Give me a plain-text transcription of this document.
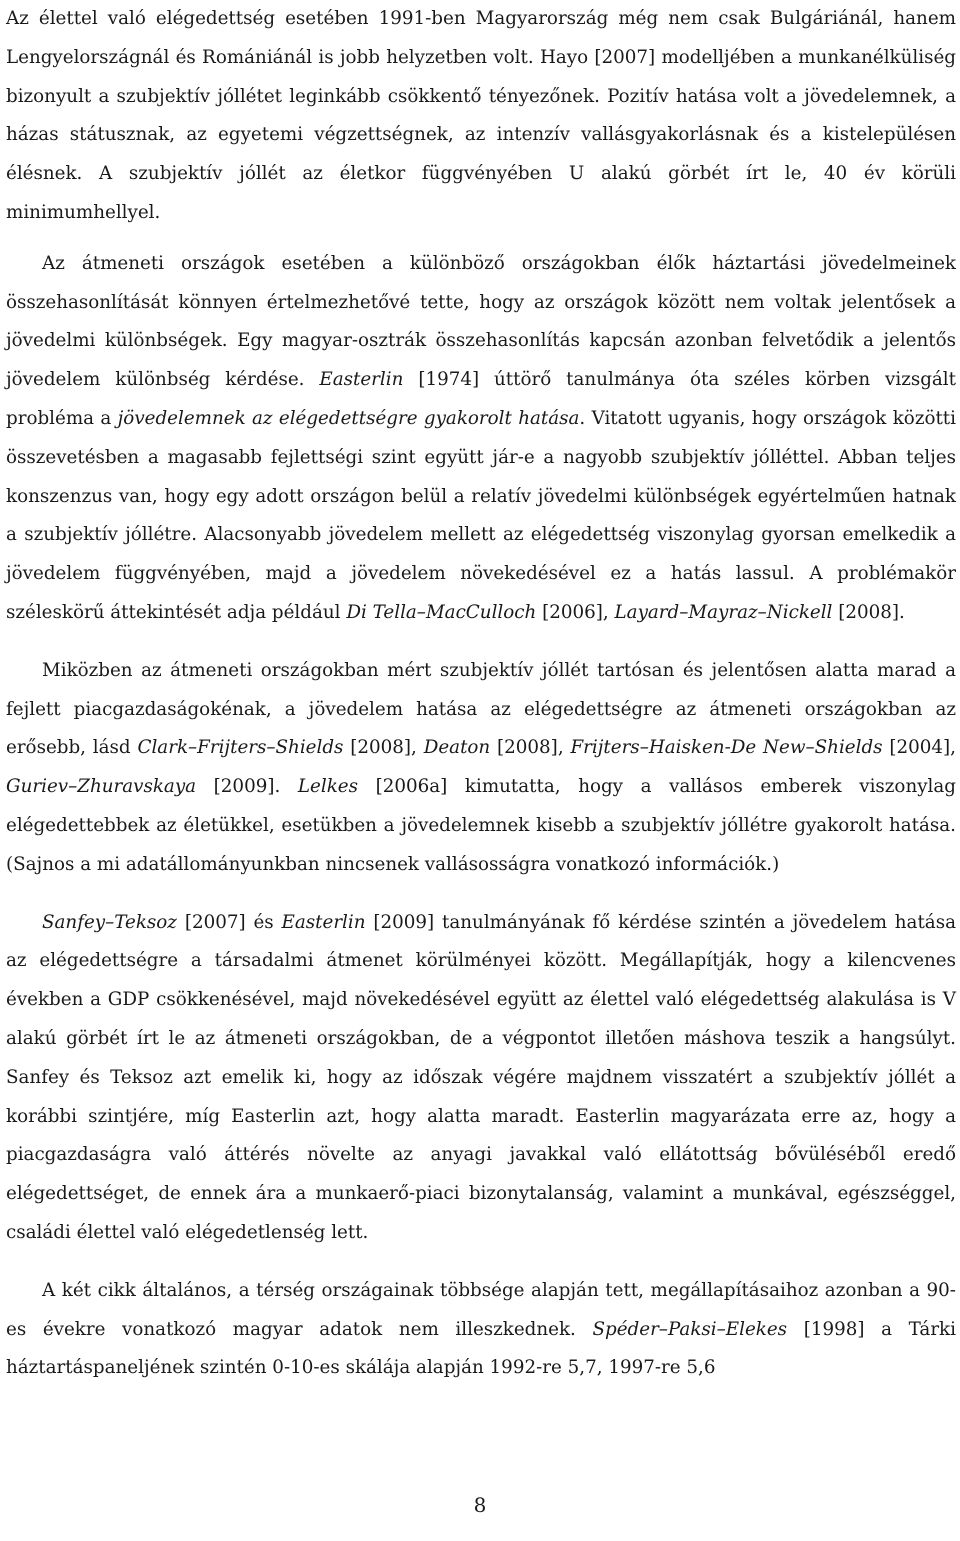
Az élettel való elégedettség esetében 1991-ben Magyarország még nem csak Bulgáriánál, hanem Lengyelországnál és Romániánál is jobb helyzetben volt. Hayo [2007] modelljében a munkanélküliség bizonyult a szubjektív jóllétet leginkább csökkentő tényezőnek. Pozitív hatása volt a jövedelemnek, a házas státusznak, az egyetemi végzettségnek, az intenzív vallásgyakorlásnak és a kistelepülésen élésnek. A szubjektív jóllét az életkor függvényében U alakú görbét írt le, 40 év körüli minimumhellyel.

Az átmeneti országok esetében a különböző országokban élők háztartási jövedelmeinek összehasonlítását könnyen értelmezhetővé tette, hogy az országok között nem voltak jelentősek a jövedelmi különbségek. Egy magyar-osztrák összehasonlítás kapcsán azonban felvetődik a jelentős jövedelem különbség kérdése. Easterlin [1974] úttörő tanulmánya óta széles körben vizsgált probléma a jövedelemnek az elégedettségre gyakorolt hatása. Vitatott ugyanis, hogy országok közötti összevetésben a magasabb fejlettségi szint együtt jár-e a nagyobb szubjektív jólléttel. Abban teljes konszenzus van, hogy egy adott országon belül a relatív jövedelmi különbségek egyértelműen hatnak a szubjektív jóllétre. Alacsonyabb jövedelem mellett az elégedettség viszonylag gyorsan emelkedik a jövedelem függvényében, majd a jövedelem növekedésével ez a hatás lassul. A problémakör széleskörű áttekintését adja például Di Tella–MacCulloch [2006], Layard–Mayraz–Nickell [2008].

Miközben az átmeneti országokban mért szubjektív jóllét tartósan és jelentősen alatta marad a fejlett piacgazdaságokénak, a jövedelem hatása az elégedettségre az átmeneti országokban az erősebb, lásd Clark–Frijters–Shields [2008], Deaton [2008], Frijters–Haisken-De New–Shields [2004], Guriev–Zhuravskaya [2009]. Lelkes [2006a] kimutatta, hogy a vallásos emberek viszonylag elégedettebbek az életükkel, esetükben a jövedelemnek kisebb a szubjektív jóllétre gyakorolt hatása. (Sajnos a mi adatállományunkban nincsenek vallásosságra vonatkozó információk.)

Sanfey–Teksoz [2007] és Easterlin [2009] tanulmányának fő kérdése szintén a jövedelem hatása az elégedettségre a társadalmi átmenet körülményei között. Megállapítják, hogy a kilencvenes években a GDP csökkenésével, majd növekedésével együtt az élettel való elégedettség alakulása is V alakú görbét írt le az átmeneti országokban, de a végpontot illetően máshova teszik a hangsúlyt. Sanfey és Teksoz azt emelik ki, hogy az időszak végére majdnem visszatért a szubjektív jóllét a korábbi szintjére, míg Easterlin azt, hogy alatta maradt. Easterlin magyarázata erre az, hogy a piacgazdaságra való áttérés növelte az anyagi javakkal való ellátottság bővüléséből eredő elégedettséget, de ennek ára a munkaerő-piaci bizonytalanság, valamint a munkával, egészséggel, családi élettel való elégedetlenség lett.

A két cikk általános, a térség országainak többsége alapján tett, megállapításaihoz azonban a 90-es évekre vonatkozó magyar adatok nem illeszkednek. Spéder–Paksi–Elekes [1998] a Tárki háztartáspaneljének szintén 0-10-es skálája alapján 1992-re 5,7, 1997-re 5,6

8
